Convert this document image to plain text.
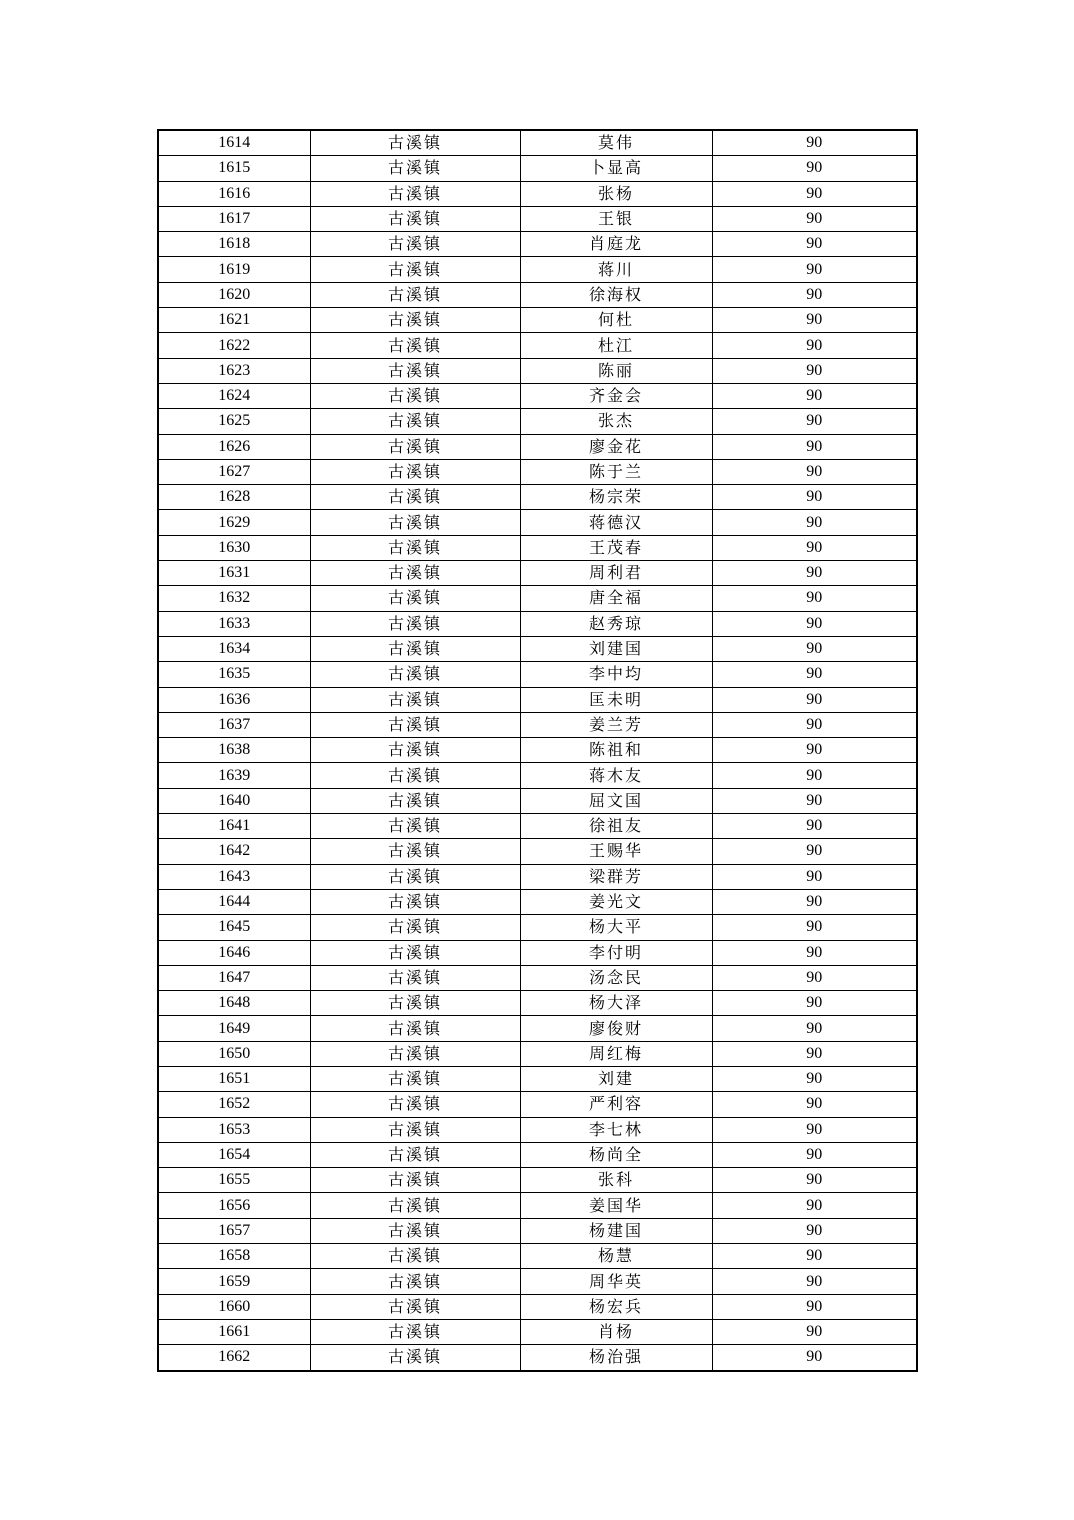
1614	古溪镇	莫伟	90
1615	古溪镇	卜显高	90
1616	古溪镇	张杨	90
1617	古溪镇	王银	90
1618	古溪镇	肖庭龙	90
1619	古溪镇	蒋川	90
1620	古溪镇	徐海权	90
1621	古溪镇	何杜	90
1622	古溪镇	杜江	90
1623	古溪镇	陈丽	90
1624	古溪镇	齐金会	90
1625	古溪镇	张杰	90
1626	古溪镇	廖金花	90
1627	古溪镇	陈于兰	90
1628	古溪镇	杨宗荣	90
1629	古溪镇	蒋德汉	90
1630	古溪镇	王茂春	90
1631	古溪镇	周利君	90
1632	古溪镇	唐全福	90
1633	古溪镇	赵秀琼	90
1634	古溪镇	刘建国	90
1635	古溪镇	李中均	90
1636	古溪镇	匡未明	90
1637	古溪镇	姜兰芳	90
1638	古溪镇	陈祖和	90
1639	古溪镇	蒋木友	90
1640	古溪镇	屈文国	90
1641	古溪镇	徐祖友	90
1642	古溪镇	王赐华	90
1643	古溪镇	梁群芳	90
1644	古溪镇	姜光文	90
1645	古溪镇	杨大平	90
1646	古溪镇	李付明	90
1647	古溪镇	汤念民	90
1648	古溪镇	杨大泽	90
1649	古溪镇	廖俊财	90
1650	古溪镇	周红梅	90
1651	古溪镇	刘建	90
1652	古溪镇	严利容	90
1653	古溪镇	李七林	90
1654	古溪镇	杨尚全	90
1655	古溪镇	张科	90
1656	古溪镇	姜国华	90
1657	古溪镇	杨建国	90
1658	古溪镇	杨慧	90
1659	古溪镇	周华英	90
1660	古溪镇	杨宏兵	90
1661	古溪镇	肖杨	90
1662	古溪镇	杨治强	90
